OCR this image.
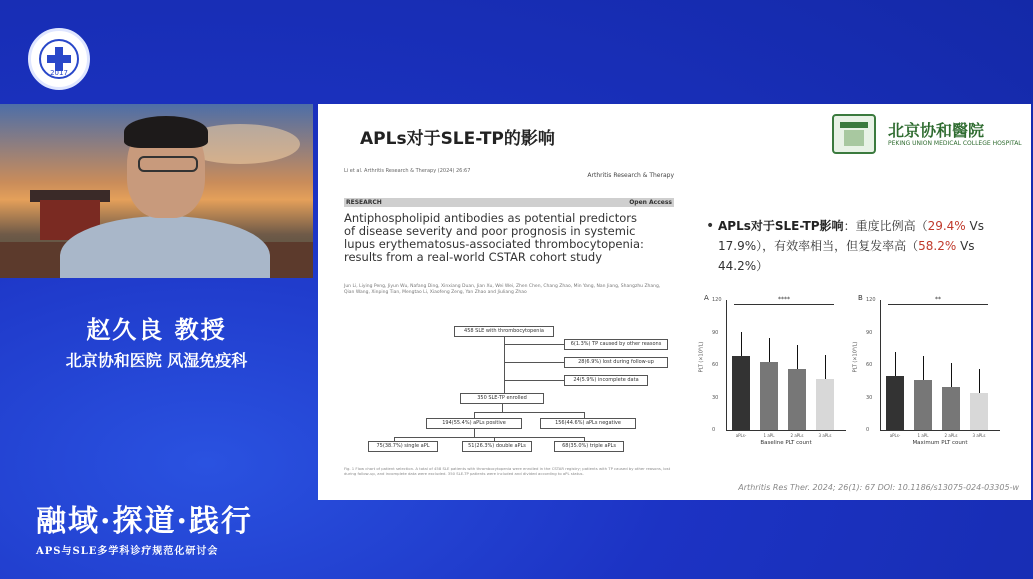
2017
赵久良 教授
北京协和医院 风湿免疫科
融域·探道·践行
APS与SLE多学科诊疗规范化研讨会
APLs对于SLE-TP的影响	北京协和醫院
PEKING UNION MEDICAL COLLEGE HOSPITAL
Li et al. Arthritis Research & Therapy (2024) 26:67
Arthritis Research & Therapy
RESEARCH	Open Access
Antiphospholipid antibodies as potential predictors of disease severity and poor prognosis in systemic lupus erythematosus-associated thrombocytopenia: results from a real-world CSTAR cohort study
Jun Li, Liying Peng, Jiyun Wu, Nafang Ding, Xinxiang Duan, Jian Xu, Wei Wei, Zhen Chen, Chang Zhao, Min Yang, Nan Jiang, Shangzhu Zhang, Qian Wang, Xinping Tian, Mengtao Li, Xiaofeng Zeng, Yan Zhao and Jiuliang Zhao
458 SLE with thrombocytopenia
6(1.3%) TP caused by other reasons
28(6.9%) lost during follow-up
24(5.9%) incomplete data
350 SLE-TP enrolled
194(55.4%) aPLs positive	156(44.6%) aPLs negative
75(38.7%) single aPL	51(26.3%) double aPLs	68(35.0%) triple aPLs
Fig. 1 Flow chart of patient selection. A total of 458 SLE patients with thrombocytopenia were enrolled in the CSTAR registry; patients with TP caused by other reasons, lost during follow-up, and incomplete data were excluded. 350 SLE-TP patients were included and divided according to aPL status.
• APLs对于SLE-TP影响：重度比例高（29.4% Vs 17.9%），有效率相当，但复发率高（58.2% Vs 44.2%）
A
PLT (×10⁹/L)
****
120
90
60
30
0
aPLs-	1 aPL	2 aPLs	3 aPLs
Baseline PLT count
B
PLT (×10⁹/L)
**
120
90
60
30
0
aPLs-	1 aPL	2 aPLs	3 aPLs
Maximum PLT count
Arthritis Res Ther. 2024; 26(1): 67 DOI: 10.1186/s13075-024-03305-w
